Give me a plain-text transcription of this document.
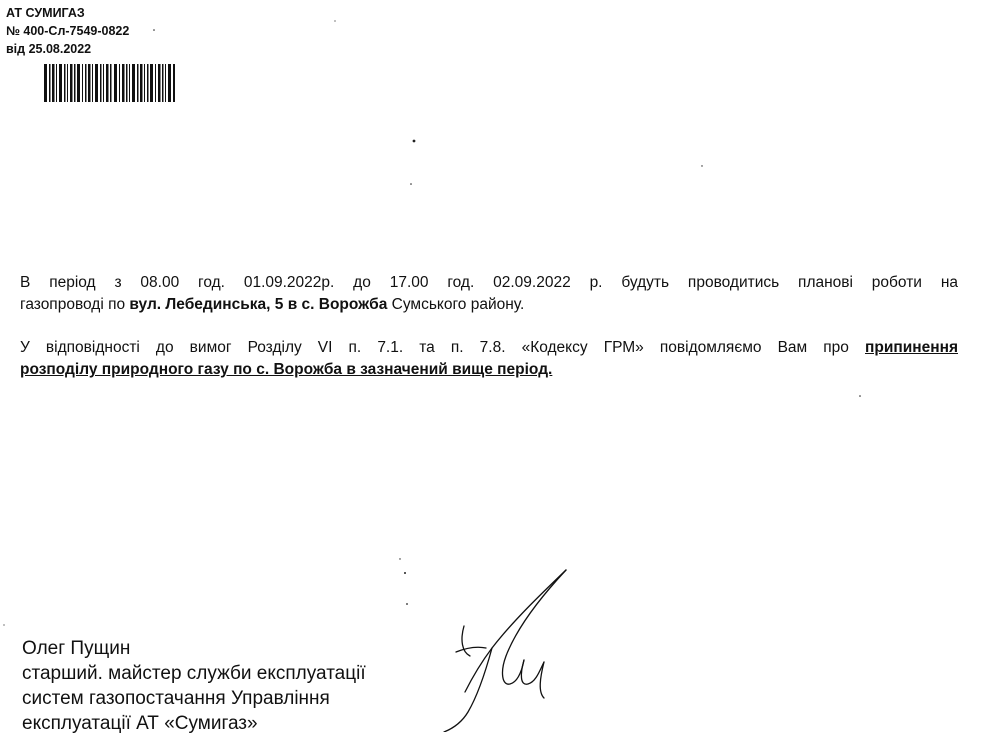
АТ СУМИГАЗ
№ 400-Сл-7549-0822
від 25.08.2022
В період з 08.00 год. 01.09.2022р. до 17.00 год. 02.09.2022 р. будуть проводитись планові роботи на
газопроводі по вул. Лебединська, 5 в с. Ворожба Сумського району.
У відповідності до вимог Розділу VI п. 7.1. та п. 7.8. «Кодексу ГРМ» повідомляємо Вам про припинення
розподілу природного газу по с. Ворожба в зазначений вище період.
Олег Пущин
старший. майстер служби експлуатації
систем газопостачання Управління
експлуатації АТ «Сумигаз»
